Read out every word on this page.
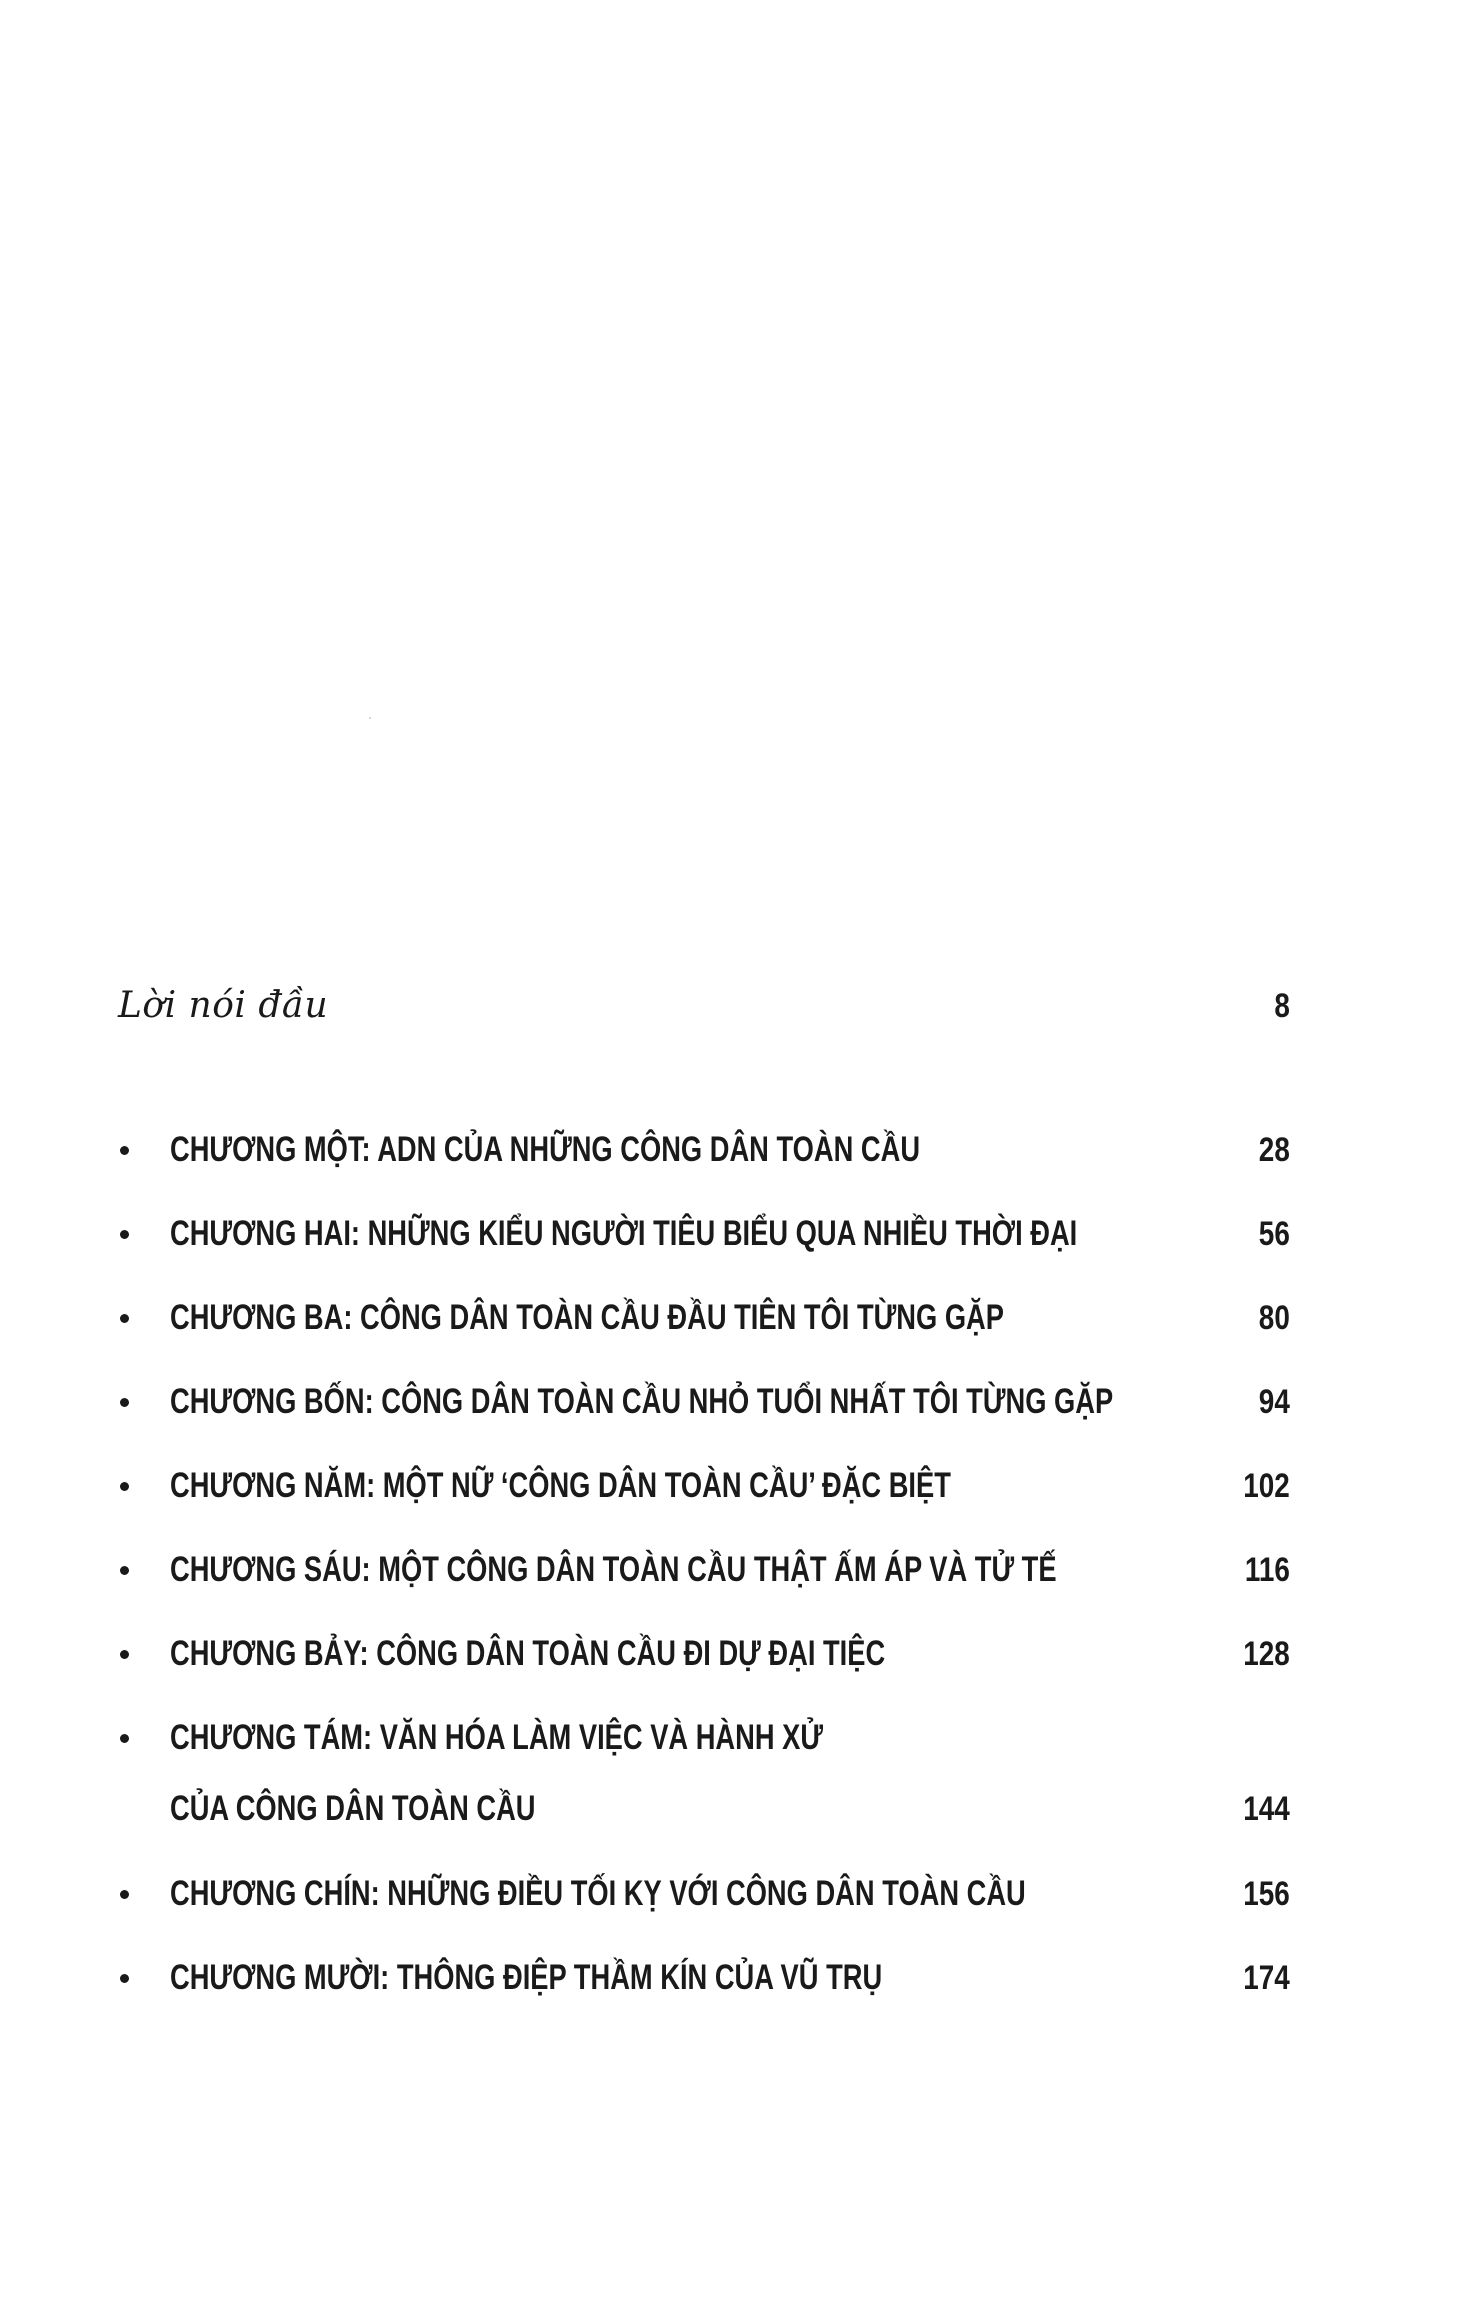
Lời nói đầu	8
CHƯƠNG MỘT: ADN CỦA NHỮNG CÔNG DÂN TOÀN CẦU	28
CHƯƠNG HAI: NHỮNG KIỂU NGƯỜI TIÊU BIỂU QUA NHIỀU THỜI ĐẠI	56
CHƯƠNG BA: CÔNG DÂN TOÀN CẦU ĐẦU TIÊN TÔI TỪNG GẶP	80
CHƯƠNG BỐN: CÔNG DÂN TOÀN CẦU NHỎ TUỔI NHẤT TÔI TỪNG GẶP	94
CHƯƠNG NĂM: MỘT NỮ ‘CÔNG DÂN TOÀN CẦU’ ĐẶC BIỆT	102
CHƯƠNG SÁU: MỘT CÔNG DÂN TOÀN CẦU THẬT ẤM ÁP VÀ TỬ TẾ	116
CHƯƠNG BẢY: CÔNG DÂN TOÀN CẦU ĐI DỰ ĐẠI TIỆC	128
CHƯƠNG TÁM: VĂN HÓA LÀM VIỆC VÀ HÀNH XỬ
CỦA CÔNG DÂN TOÀN CẦU	144
CHƯƠNG CHÍN: NHỮNG ĐIỀU TỐI KỴ VỚI CÔNG DÂN TOÀN CẦU	156
CHƯƠNG MƯỜI: THÔNG ĐIỆP THẦM KÍN CỦA VŨ TRỤ	174
